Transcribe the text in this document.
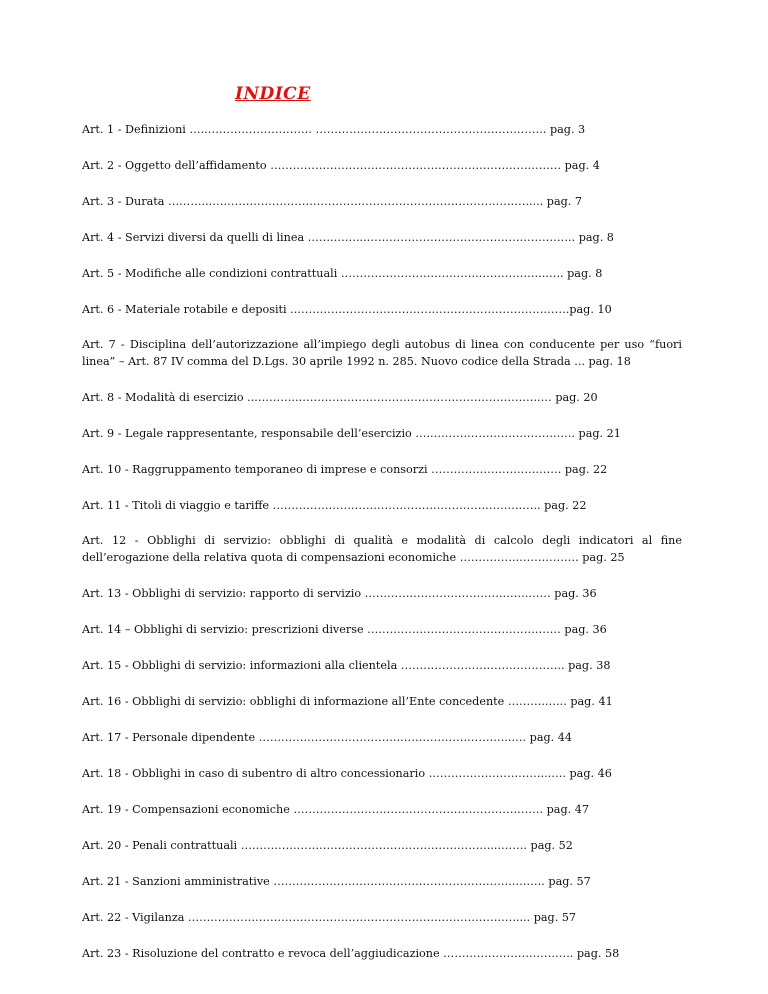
INDICE
Art. 1 - Definizioni …..………………………. …………………………………………………….. pag. 3
Art. 2 - Oggetto dell’affidamento …………………………………………………………………… pag. 4
Art. 3 - Durata ………...…………………………………………………………………………..... pag. 7
Art. 4 - Servizi diversi da quelli di linea …….……...……………………………………………….. pag. 8
Art. 5 - Modifiche alle condizioni contrattuali ……………………………….……………...….. pag. 8
Art. 6 - Materiale rotabile e depositi ..……………………………………………………………….pag. 10
Art. 7 - Disciplina dell’autorizzazione all’impiego degli autobus di linea con conducente per uso “fuori linea” – Art. 87 IV comma del D.Lgs. 30 aprile 1992 n. 285. Nuovo codice della Strada ... pag. 18
Art. 8 - Modalità di esercizio ...………..………………………………………………………..… pag. 20
Art. 9 - Legale rappresentante, responsabile dell’esercizio …..……………………………….. pag. 21
Art. 10 - Raggruppamento temporaneo di imprese e consorzi ……………………….……. pag. 22
Art. 11 - Titoli di viaggio e tariffe ……………………………………………………….…….. pag. 22
Art. 12 - Obblighi di servizio: obblighi di qualità e modalità di calcolo degli indicatori al fine dell’erogazione della relativa quota di compensazioni economiche …………….……………. pag. 25
Art. 13 - Obblighi di servizio: rapporto di servizio ……………………………….…….…… pag. 36
Art. 14 – Obblighi di servizio: prescrizioni diverse ……………………………………….…… pag. 36
Art. 15 - Obblighi di servizio: informazioni alla clientela …………………………………….. pag. 38
Art. 16 - Obblighi di servizio: obblighi di informazione all’Ente concedente ………..….. pag. 41
Art. 17 - Personale dipendente ………………………………..………………………...…. pag. 44
Art. 18 - Obblighi in caso di subentro di altro concessionario …………………………...…. pag. 46
Art. 19 - Compensazioni economiche …………………………………………………………. pag. 47
Art. 20 - Penali contrattuali …………………………………………………………....……. pag. 52
Art. 21 - Sanzioni amministrative ………………………………………………………..….…. pag. 57
Art. 22 - Vigilanza ……………………………………………………………………………..... pag. 57
Art. 23 - Risoluzione del contratto e revoca dell’aggiudicazione …………………………….. pag. 58
